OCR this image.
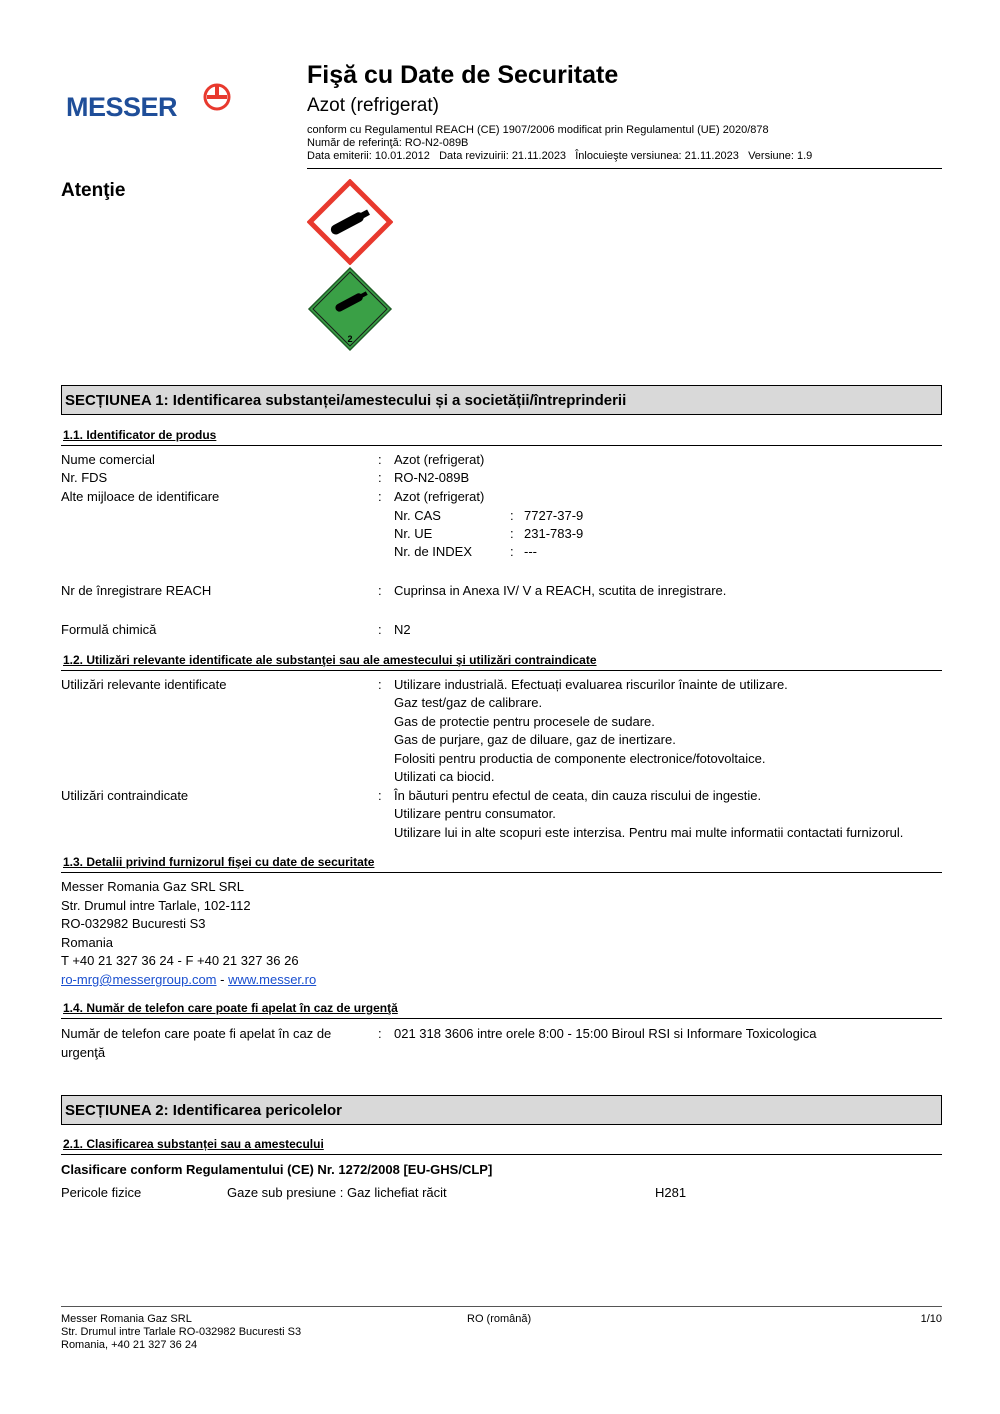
MESSER
Fişă cu Date de Securitate
Azot (refrigerat)
conform cu Regulamentul REACH (CE) 1907/2006 modificat prin Regulamentul (UE) 2020/878
Număr de referinţă: RO-N2-089B
Data emiterii: 10.01.2012   Data revizuirii: 21.11.2023   Înlocuieşte versiunea: 21.11.2023   Versiune: 1.9
Atenţie
2
SECȚIUNEA 1: Identificarea substanței/amestecului și a societății/întreprinderii
1.1. Identificator de produs
Nume comercial	: Azot (refrigerat)
Nr. FDS	: RO-N2-089B
Alte mijloace de identificare	: Azot (refrigerat)
Nr. CAS	: 7727-37-9
Nr. UE	: 231-783-9
Nr. de INDEX	: ---
Nr de înregistrare REACH	: Cuprinsa in Anexa IV/ V a REACH, scutita de inregistrare.
Formulă chimică	: N2
1.2. Utilizări relevante identificate ale substanţei sau ale amestecului şi utilizări contraindicate
Utilizări relevante identificate	: Utilizare industrială. Efectuați evaluarea riscurilor înainte de utilizare.
Gaz test/gaz de calibrare.
Gas de protectie pentru procesele de sudare.
Gas de purjare, gaz de diluare, gaz de inertizare.
Folositi pentru productia de componente electronice/fotovoltaice.
Utilizati ca biocid.
Utilizări contraindicate	: În băuturi pentru efectul de ceata, din cauza riscului de ingestie.
Utilizare pentru consumator.
Utilizare lui in alte scopuri este interzisa. Pentru mai multe informatii contactati furnizorul.
1.3. Detalii privind furnizorul fişei cu date de securitate
Messer Romania Gaz SRL SRL
Str. Drumul intre Tarlale, 102-112
RO-032982 Bucuresti S3
Romania
T +40 21 327 36 24 - F +40 21 327 36 26
ro-mrg@messergroup.com - www.messer.ro
1.4. Număr de telefon care poate fi apelat în caz de urgenţă
Număr de telefon care poate fi apelat în caz de
urgenţă
: 021 318 3606 intre orele 8:00 - 15:00 Biroul RSI si Informare Toxicologica
SECȚIUNEA 2: Identificarea pericolelor
2.1. Clasificarea substanței sau a amestecului
Clasificare conform Regulamentului (CE) Nr. 1272/2008 [EU-GHS/CLP]
Pericole fizice	Gaze sub presiune : Gaz lichefiat răcit	H281
Messer Romania Gaz SRL
Str. Drumul intre Tarlale RO-032982 Bucuresti S3
Romania, +40 21 327 36 24
RO (română)	1/10
